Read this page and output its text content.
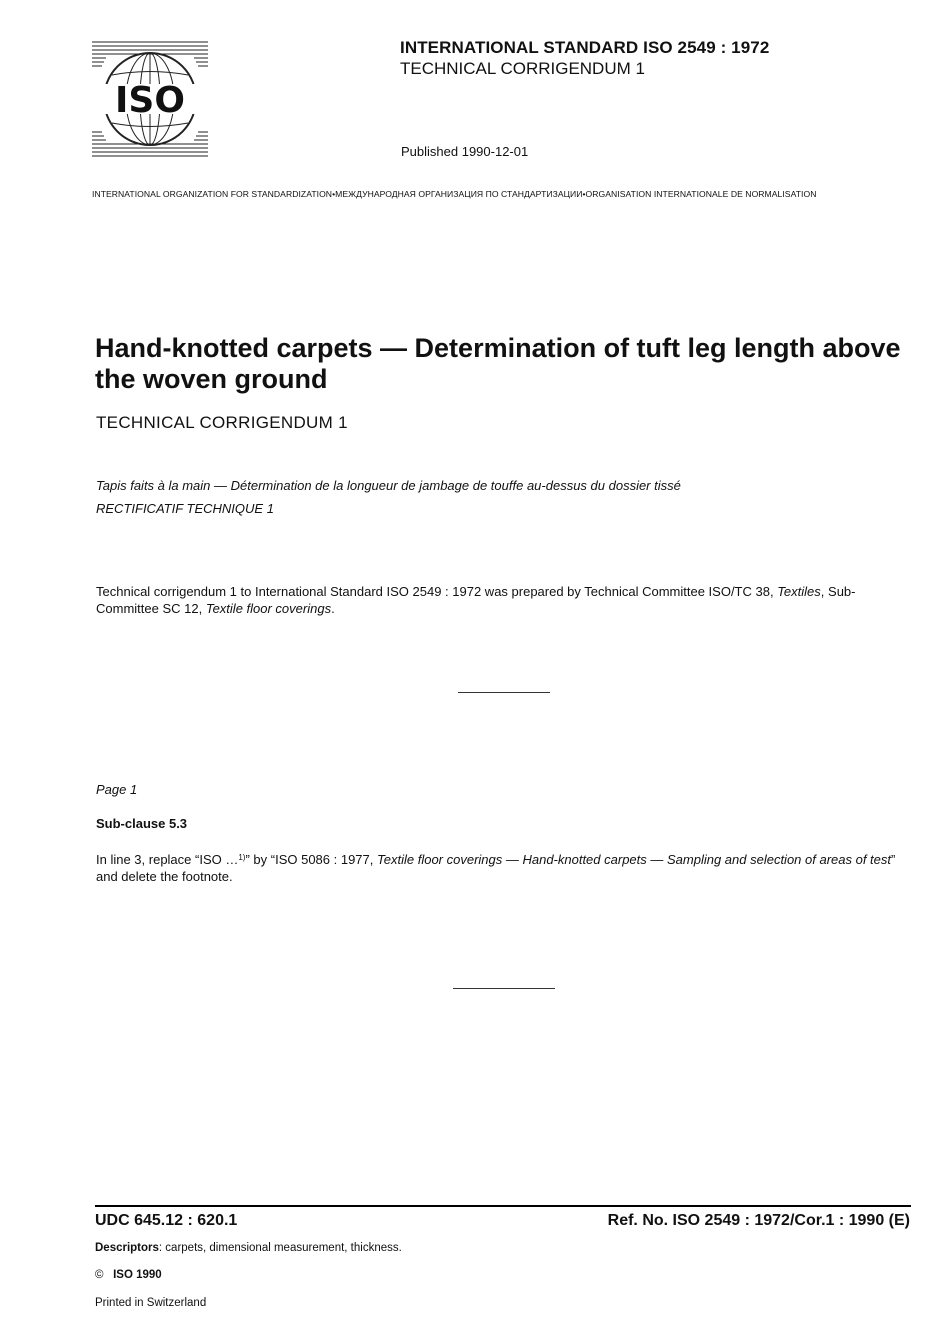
ISO
INTERNATIONAL STANDARD ISO 2549 : 1972
TECHNICAL CORRIGENDUM 1
Published 1990-12-01
INTERNATIONAL ORGANIZATION FOR STANDARDIZATION•МЕЖДУНАРОДНАЯ ОРГАНИЗАЦИЯ ПО СТАНДАРТИЗАЦИИ•ORGANISATION INTERNATIONALE DE NORMALISATION
Hand-knotted carpets — Determination of tuft leg length above the woven ground
TECHNICAL CORRIGENDUM 1
Tapis faits à la main — Détermination de la longueur de jambage de touffe au-dessus du dossier tissé
RECTIFICATIF TECHNIQUE 1
Technical corrigendum 1 to International Standard ISO 2549 : 1972 was prepared by Technical Committee ISO/TC 38, Textiles, Sub-Committee SC 12, Textile floor coverings.
Page 1
Sub-clause 5.3
In line 3, replace “ISO …$^{1)}$” by “ISO 5086 : 1977, Textile floor coverings — Hand-knotted carpets — Sampling and selection of areas of test” and delete the footnote.
UDC 645.12 : 620.1	Ref. No. ISO 2549 : 1972/Cor.1 : 1990 (E)
Descriptors: carpets, dimensional measurement, thickness.
© ISO 1990
Printed in Switzerland
